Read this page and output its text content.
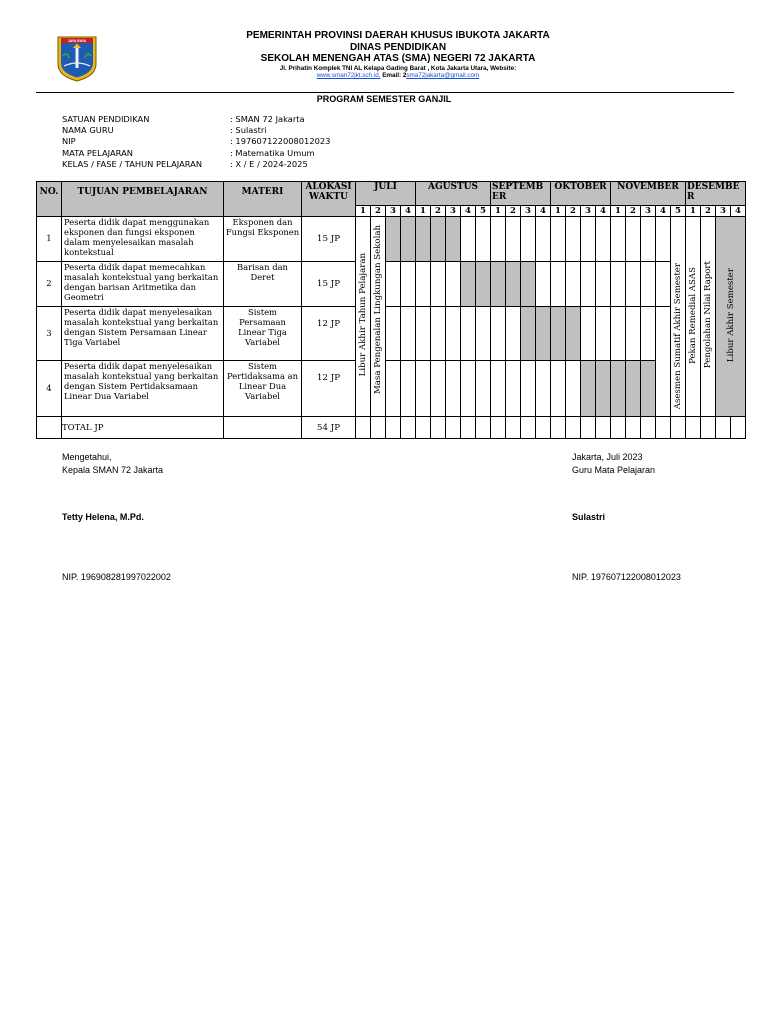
JAYA RAYA	PEMERINTAH PROVINSI DAERAH KHUSUS IBUKOTA JAKARTA
DINAS PENDIDIKAN
SEKOLAH MENENGAH ATAS (SMA) NEGERI 72 JAKARTA
Jl. Prihatin Komplek TNI AL Kelapa Gading Barat , Kota Jakarta Utara, Website:
www.sman72jkt.sch.id, Email: 2sma72jakarta@gmail.com
PROGRAM SEMESTER GANJIL
SATUAN PENDIDIKAN	: SMAN 72 Jakarta
NAMA GURU	: Sulastri
NIP	: 197607122008012023
MATA PELAJARAN	: Matematika Umum
KELAS / FASE / TAHUN PELAJARAN	: X / E / 2024-2025
NO.	TUJUAN PEMBELAJARAN	MATERI	ALOKASI WAKTU	JULI				AGUSTUS					SEPTEMBER				OKTOBER				NOVEMBER					DESEMBER			
				1	2	3	4	1	2	3	4	5	1	2	3	4	1	2	3	4	1	2	3	4	5	1	2	3	4
1	Peserta didik dapat menggunakan eksponen dan fungsi eksponen dalam menyelesaikan masalah kontekstual	Eksponen dan Fungsi Eksponen	15 JP	Libur Akhir Tahun Pelajaran	Masa Pengenalan Lingkungan Sekolah																				Asesmen Sumatif Akhir Semester	Pekan Remedial ASAS	Pengolahan Nilai Raport	Libur Akhir Semester	
2	Peserta didik dapat memecahkan masalah kontekstual yang berkaitan dengan barisan Aritmetika dan Geometri	Barisan dan Deret	15 JP																										
3	Peserta didik dapat menyelesaikan masalah kontekstual yang berkaitan dengan Sistem Persamaan Linear Tiga Variabel	Sistem Persamaan Linear Tiga Variabel	12 JP																										
4	Peserta didik dapat menyelesaikan masalah kontekstual yang berkaitan dengan Sistem Pertidaksamaan Linear Dua Variabel	Sistem Pertidaksama an Linear Dua Variabel	12 JP																										
	TOTAL JP		54 JP																										
Mengetahui,
Kepala SMAN 72 Jakarta
Tetty Helena, M.Pd.
NIP. 196908281997022002
Jakarta, Juli 2023
Guru Mata Pelajaran
Sulastri
NIP. 197607122008012023
